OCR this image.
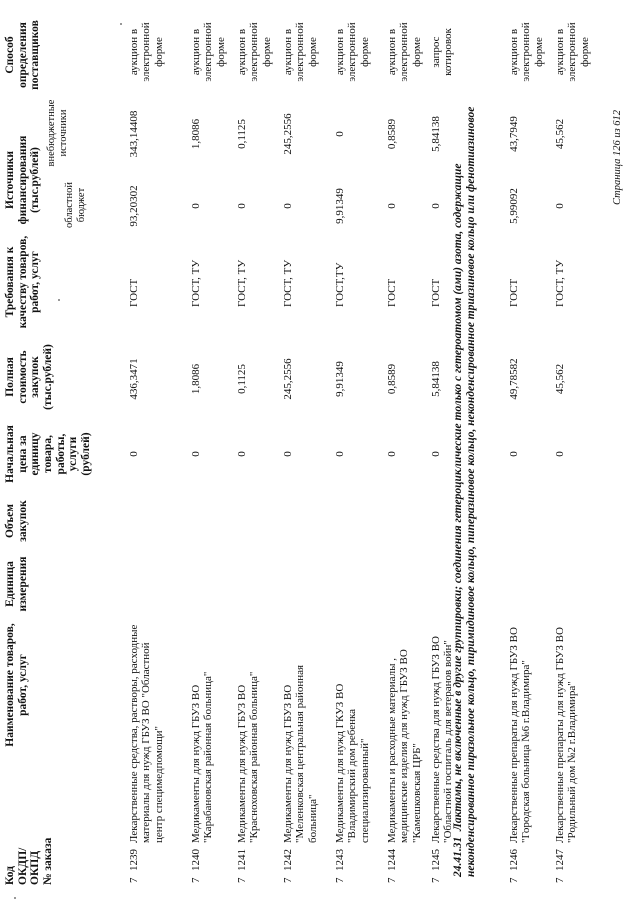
Код
ОКДП/
ОКПД
№ заказа
Наименование товаров,
работ, услуг
Единица
измерения
Объем
закупок
Начальная
цена за
единицу
товара,
работы,
услуги
(рублей)
Полная
стоимость
закупок
(тыс.рублей)
Требования к
качеству товаров,
работ, услуг
Источники
финансирования
(тыс.рублей) областной
бюджет
внебюджетные
источники
Способ
определения
поставщиков
7
1239
Лекарственные средства, растворы, расходные материалы для нужд ГБУЗ ВО "Областной центр специмедпомощи"
0
436,3471
ГОСТ
93,20302
343,14408
аукцион в электронной форме
7
1240
Медикаменты для нужд ГБУЗ ВО "Карабановская районная больница"
0
1,8086
ГОСТ, ТУ
0
1,8086
аукцион в электронной форме
7
1241
Медикаменты для нужд ГБУЗ ВО "Красноховская районная больница"
0
0,1125
ГОСТ, ТУ
0
0,1125
аукцион в электронной форме
7
1242
Медикаменты для нужд ГБУЗ ВО "Меленковская центральная районная больница"
0
245,2556
ГОСТ, ТУ
0
245,2556
аукцион в электронной форме
7
1243
Медикаменты для нужд ГКУЗ ВО "Владимирский дом ребенка специализированный"
0
9,91349
ГОСТ,ТУ
9,91349
0
аукцион в электронной форме
7
1244
Медикаменты и расходные материалы , медицинские изделия для нужд ГБУЗ ВО "Камешковская ЦРБ"
0
0,8589
ГОСТ
0
0,8589
аукцион в электронной форме
7
1245
Лекарственные средства для нужд ГБУЗ ВО "Областной госпиталь для ветеранов войн"
0
5,84138
ГОСТ
0
5,84138
запрос котировок
24.41.31  Лактамы, не включенные в другие группировки; соединения гетероциклические только с гетероатомом (ами) азота, содержащие неконденсированное пиразольное кольцо, пиримидиновое кольцо, пиперазиновое кольцо, неконденсированное триазиновое кольцо или фенотиазиновое
7
1246
Лекарственные препараты для нужд ГБУЗ ВО "Городская больница №6 г.Владимира"
0
49,78582
ГОСТ
5,99092
43,7949
аукцион в электронной форме
7
1247
Лекарственные препараты для нужд ГБУЗ ВО "Родильный дом №2 г.Владимира"
0
45,562
ГОСТ, ТУ
0
45,562
аукцион в электронной форме
Страница 126 из 612
